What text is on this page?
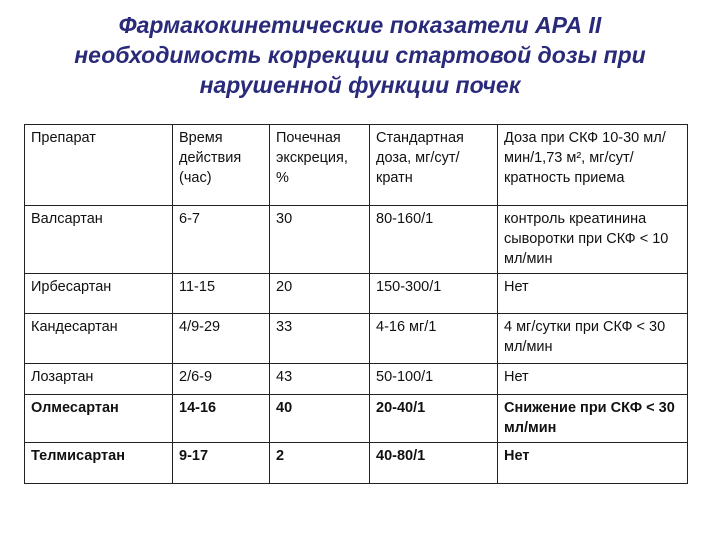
Фармакокинетические показатели АРА II
необходимость коррекции стартовой дозы при
нарушенной функции почек
Препарат	Время действия (час)	Почечная экскреция, %	Стандартная доза, мг/сут/кратн	Доза при СКФ 10-30 мл/мин/1,73 м², мг/сут/кратность приема
Валсартан	6-7	30	80-160/1	контроль креатинина сыворотки при СКФ < 10 мл/мин
Ирбесартан	11-15	20	150-300/1	Нет
Кандесартан	4/9-29	33	4-16 мг/1	4 мг/сутки при СКФ < 30 мл/мин
Лозартан	2/6-9	43	50-100/1	Нет
Олмесартан	14-16	40	20-40/1	Снижение при СКФ < 30 мл/мин
Телмисартан	9-17	2	40-80/1	Нет
